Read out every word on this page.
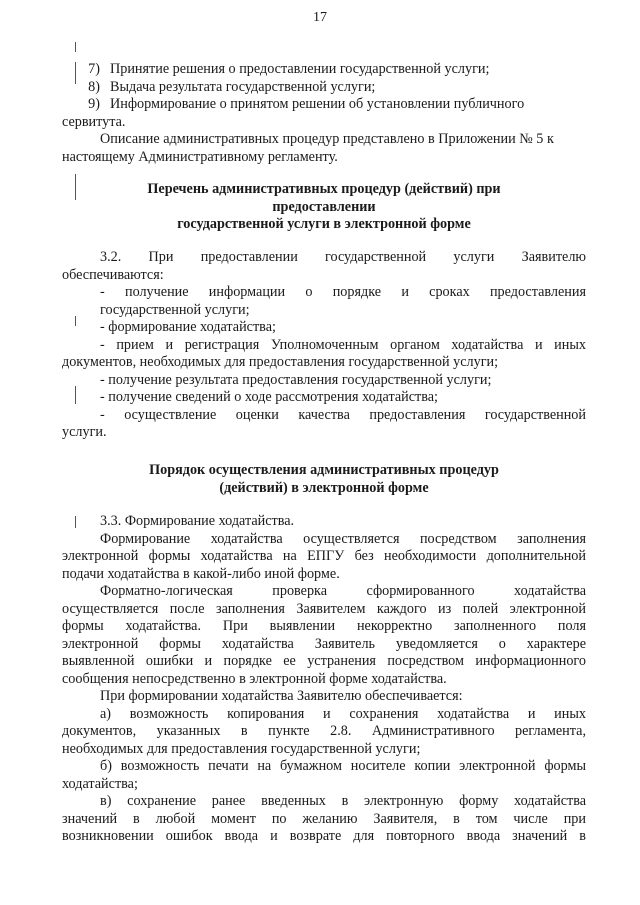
17
7) Принятие решения о предоставлении государственной услуги;
8) Выдача результата государственной услуги;
9) Информирование о принятом решении об установлении публичного
сервитута.
Описание административных процедур представлено в Приложении № 5 к
настоящему Административному регламенту.
Перечень административных процедур (действий) при
предоставлении
государственной услуги в электронной форме
3.2. При предоставлении государственной услуги Заявителю
обеспечиваются:
- получение информации о порядке и сроках предоставления
государственной услуги;
- формирование ходатайства;
- прием и регистрация Уполномоченным органом ходатайства и иных
документов, необходимых для предоставления государственной услуги;
- получение результата предоставления государственной услуги;
- получение сведений о ходе рассмотрения ходатайства;
- осуществление оценки качества предоставления государственной
услуги.
Порядок осуществления административных процедур
(действий) в электронной форме
3.3. Формирование ходатайства.
Формирование ходатайства осуществляется посредством заполнения
электронной формы ходатайства на ЕПГУ без необходимости дополнительной
подачи ходатайства в какой-либо иной форме.
Форматно-логическая проверка сформированного ходатайства
осуществляется после заполнения Заявителем каждого из полей электронной
формы ходатайства. При выявлении некорректно заполненного поля
электронной формы ходатайства Заявитель уведомляется о характере
выявленной ошибки и порядке ее устранения посредством информационного
сообщения непосредственно в электронной форме ходатайства.
При формировании ходатайства Заявителю обеспечивается:
а) возможность копирования и сохранения ходатайства и иных
документов, указанных в пункте 2.8. Административного регламента,
необходимых для предоставления государственной услуги;
б) возможность печати на бумажном носителе копии электронной формы
ходатайства;
в) сохранение ранее введенных в электронную форму ходатайства
значений в любой момент по желанию Заявителя, в том числе при
возникновении ошибок ввода и возврате для повторного ввода значений в
